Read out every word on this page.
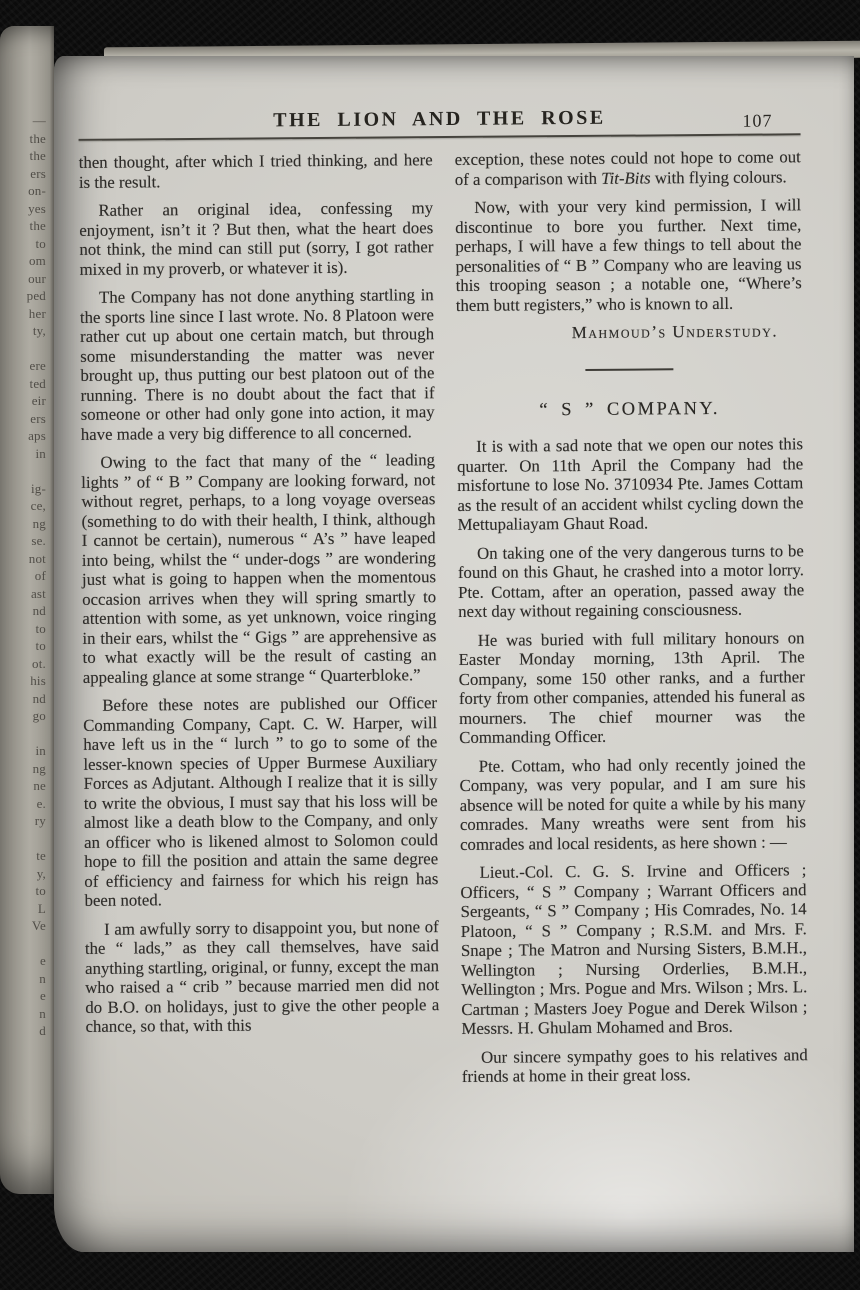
—
the
the
ers
on-
yes
the
to
om
our
ped
her
ty,
ere
ted
eir
ers
aps
in
ig-
ce,
ng
se.
not
of
ast
nd
to
to
ot.
his
nd
go
in
ng
ne
e.
ry
te
y,
to
L
Ve
e
n
e
n
d
THE LION AND THE ROSE	107

then thought, after which I tried thinking, and here is the result.

Rather an original idea, confessing my enjoyment, isn’t it ? But then, what the heart does not think, the mind can still put (sorry, I got rather mixed in my proverb, or whatever it is).

The Company has not done anything startling in the sports line since I last wrote. No. 8 Platoon were rather cut up about one certain match, but through some misunderstanding the matter was never brought up, thus putting our best platoon out of the running. There is no doubt about the fact that if someone or other had only gone into action, it may have made a very big difference to all concerned.

Owing to the fact that many of the “ leading lights ” of “ B ” Company are looking forward, not without regret, perhaps, to a long voyage overseas (something to do with their health, I think, although I cannot be certain), numerous “ A’s ” have leaped into being, whilst the “ under-dogs ” are wondering just what is going to happen when the momentous occasion arrives when they will spring smartly to attention with some, as yet unknown, voice ringing in their ears, whilst the “ Gigs ” are apprehensive as to what exactly will be the result of casting an appealing glance at some strange “ Quarterbloke.”

Before these notes are published our Officer Commanding Company, Capt. C. W. Harper, will have left us in the “ lurch ” to go to some of the lesser-known species of Upper Burmese Auxiliary Forces as Adjutant. Although I realize that it is silly to write the obvious, I must say that his loss will be almost like a death blow to the Company, and only an officer who is likened almost to Solomon could hope to fill the position and attain the same degree of efficiency and fairness for which his reign has been noted.

I am awfully sorry to disappoint you, but none of the “ lads,” as they call themselves, have said anything startling, original, or funny, except the man who raised a “ crib ” because married men did not do B.O. on holidays, just to give the other people a chance, so that, with this

exception, these notes could not hope to come out of a comparison with Tit-Bits with flying colours.

Now, with your very kind permission, I will discontinue to bore you further. Next time, perhaps, I will have a few things to tell about the personalities of “ B ” Company who are leaving us this trooping season ; a notable one, “Where’s them butt registers,” who is known to all.

Mahmoud’s Understudy.
“ S ” COMPANY.

It is with a sad note that we open our notes this quarter. On 11th April the Company had the misfortune to lose No. 3710934 Pte. James Cottam as the result of an accident whilst cycling down the Mettupaliayam Ghaut Road.

On taking one of the very dangerous turns to be found on this Ghaut, he crashed into a motor lorry. Pte. Cottam, after an operation, passed away the next day without regaining consciousness.

He was buried with full military honours on Easter Monday morning, 13th April. The Company, some 150 other ranks, and a further forty from other companies, attended his funeral as mourners. The chief mourner was the Commanding Officer.

Pte. Cottam, who had only recently joined the Company, was very popular, and I am sure his absence will be noted for quite a while by his many comrades. Many wreaths were sent from his comrades and local residents, as here shown : —

Lieut.-Col. C. G. S. Irvine and Officers ; Officers, “ S ” Company ; Warrant Officers and Sergeants, “ S ” Company ; His Comrades, No. 14 Platoon, “ S ” Company ; R.S.M. and Mrs. F. Snape ; The Matron and Nursing Sisters, B.M.H., Wellington ; Nursing Orderlies, B.M.H., Wellington ; Mrs. Pogue and Mrs. Wilson ; Mrs. L. Cartman ; Masters Joey Pogue and Derek Wilson ; Messrs. H. Ghulam Mohamed and Bros.

Our sincere sympathy goes to his relatives and friends at home in their great loss.
